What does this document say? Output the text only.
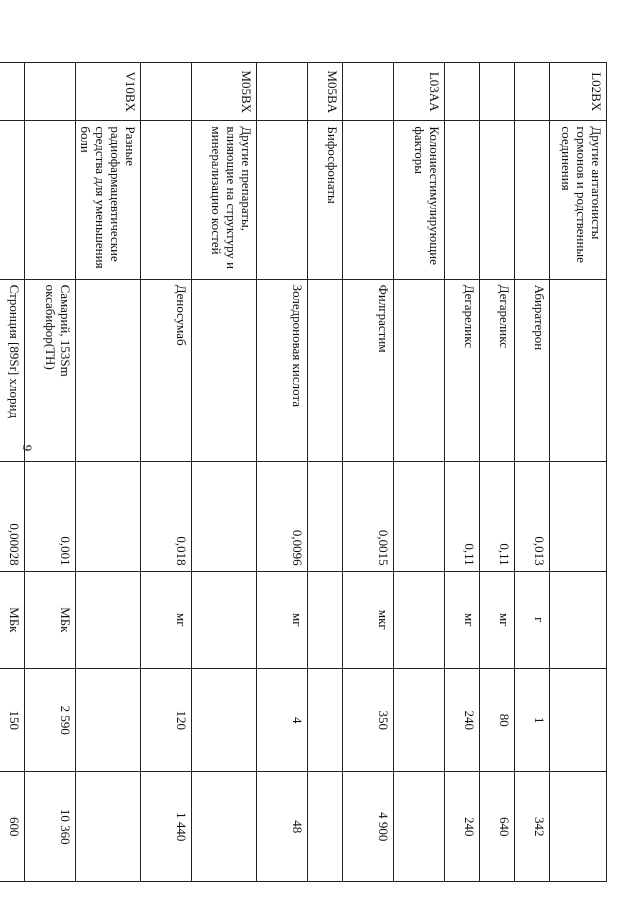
9
L02BX	Другие антагонисты гормонов и родственные соединения					
		Абиратерон	0,013	г	1	342
		Дегареликс	0,11	мг	80	640
		Дегареликс	0,11	мг	240	240
L03AA	Колониестимулирующие факторы					
		Филграстим	0,0015	мкг	350	4 900
M05BA	Бифосфонаты					
		Золедроновая кислота	0,0096	мг	4	48
M05BX	Другие препараты, влияющие на структуру и минерализацию костей					
		Деносумаб	0,018	мг	120	1 440
V10BX	Разные радиофармацевтические средства для уменьшения боли					
		Самарий, 153Sm оксабифор(ТН)	0,001	МБк	2 590	10 360
		Стронция [89Sr] хлорид	0,00028	МБк	150	600
